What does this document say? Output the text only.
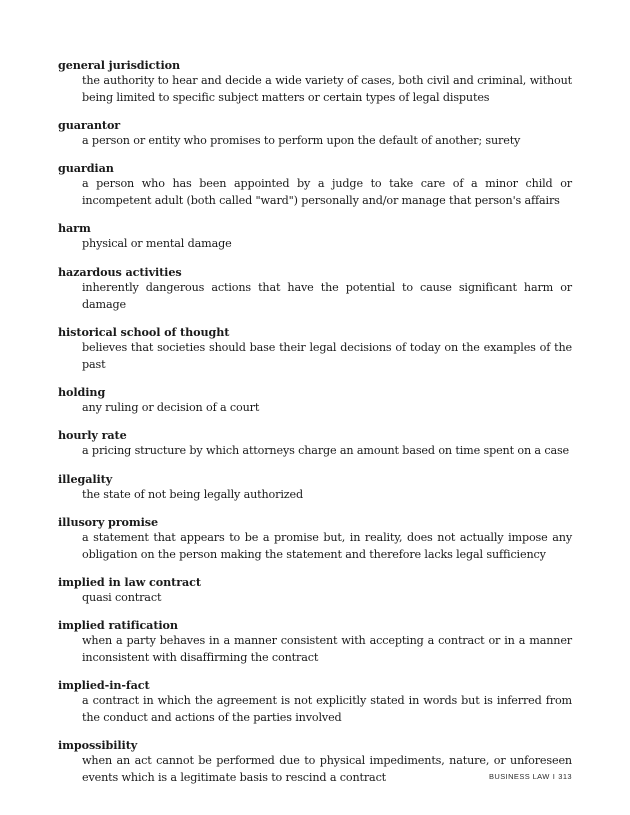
general jurisdiction
the authority to hear and decide a wide variety of cases, both civil and criminal, without being limited to specific subject matters or certain types of legal disputes
guarantor
a person or entity who promises to perform upon the default of another; surety
guardian
a person who has been appointed by a judge to take care of a minor child or incompetent adult (both called "ward") personally and/or manage that person's affairs
harm
physical or mental damage
hazardous activities
inherently dangerous actions that have the potential to cause significant harm or damage
historical school of thought
believes that societies should base their legal decisions of today on the examples of the past
holding
any ruling or decision of a court
hourly rate
a pricing structure by which attorneys charge an amount based on time spent on a case
illegality
the state of not being legally authorized
illusory promise
a statement that appears to be a promise but, in reality, does not actually impose any obligation on the person making the statement and therefore lacks legal sufficiency
implied in law contract
quasi contract
implied ratification
when a party behaves in a manner consistent with accepting a contract or in a manner inconsistent with disaffirming the contract
implied-in-fact
a contract in which the agreement is not explicitly stated in words but is inferred from the conduct and actions of the parties involved
impossibility
when an act cannot be performed due to physical impediments, nature, or unforeseen events which is a legitimate basis to rescind a contract	BUSINESS LAW I 313
